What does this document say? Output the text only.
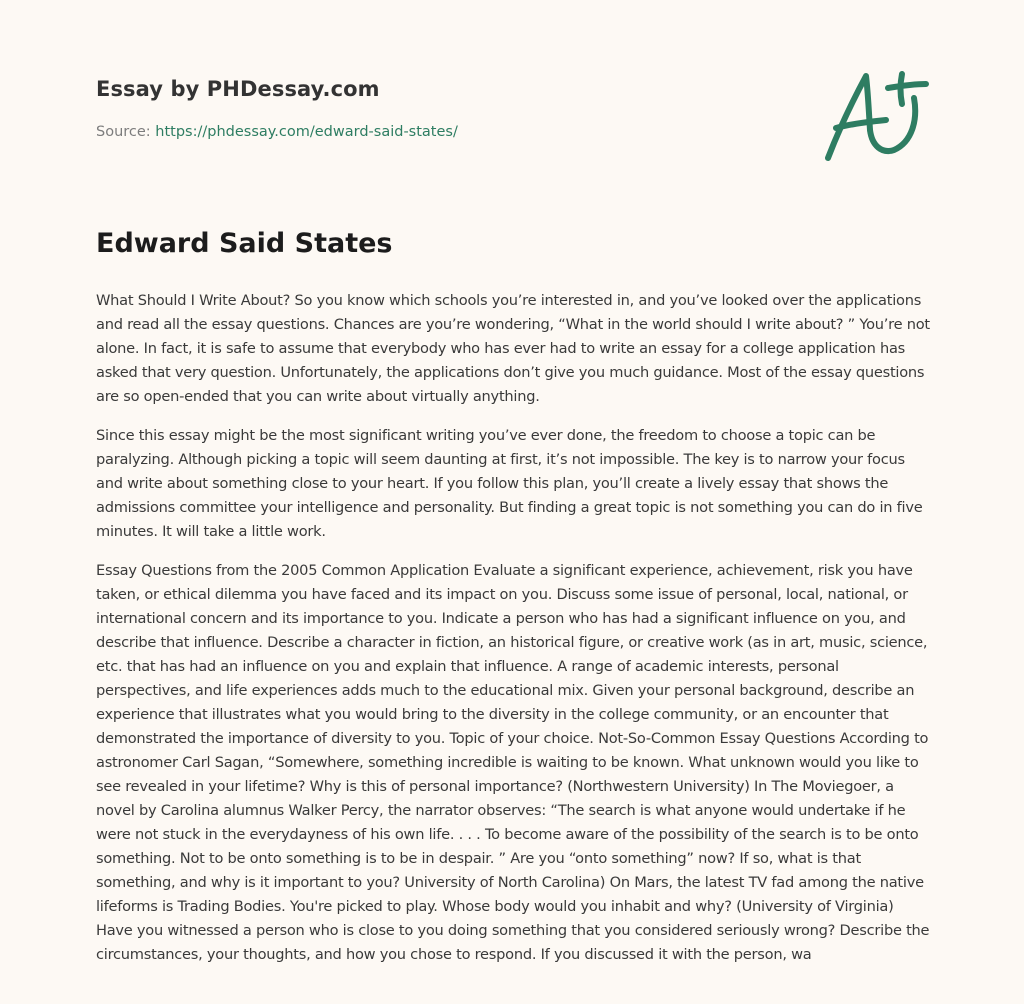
Essay by PHDessay.com
Source: https://phdessay.com/edward-said-states/
Edward Said States

What Should I Write About? So you know which schools you’re interested in, and you’ve looked over the applications and read all the essay questions. Chances are you’re wondering, “What in the world should I write about? ” You’re not alone. In fact, it is safe to assume that everybody who has ever had to write an essay for a college application has asked that very question. Unfortunately, the applications don’t give you much guidance. Most of the essay questions are so open-ended that you can write about virtually anything.

Since this essay might be the most significant writing you’ve ever done, the freedom to choose a topic can be paralyzing. Although picking a topic will seem daunting at first, it’s not impossible. The key is to narrow your focus and write about something close to your heart. If you follow this plan, you’ll create a lively essay that shows the admissions committee your intelligence and personality. But finding a great topic is not something you can do in five minutes. It will take a little work.

Essay Questions from the 2005 Common Application Evaluate a significant experience, achievement, risk you have taken, or ethical dilemma you have faced and its impact on you. Discuss some issue of personal, local, national, or international concern and its importance to you. Indicate a person who has had a significant influence on you, and describe that influence. Describe a character in fiction, an historical figure, or creative work (as in art, music, science, etc. that has had an influence on you and explain that influence. A range of academic interests, personal perspectives, and life experiences adds much to the educational mix. Given your personal background, describe an experience that illustrates what you would bring to the diversity in the college community, or an encounter that demonstrated the importance of diversity to you. Topic of your choice. Not-So-Common Essay Questions According to astronomer Carl Sagan, “Somewhere, something incredible is waiting to be known. What unknown would you like to see revealed in your lifetime? Why is this of personal importance? (Northwestern University) In The Moviegoer, a novel by Carolina alumnus Walker Percy, the narrator observes: “The search is what anyone would undertake if he were not stuck in the everydayness of his own life. . . . To become aware of the possibility of the search is to be onto something. Not to be onto something is to be in despair. ” Are you “onto something” now? If so, what is that something, and why is it important to you? University of North Carolina) On Mars, the latest TV fad among the native lifeforms is Trading Bodies. You're picked to play. Whose body would you inhabit and why? (University of Virginia) Have you witnessed a person who is close to you doing something that you considered seriously wrong? Describe the circumstances, your thoughts, and how you chose to respond. If you discussed it with the person, wa
